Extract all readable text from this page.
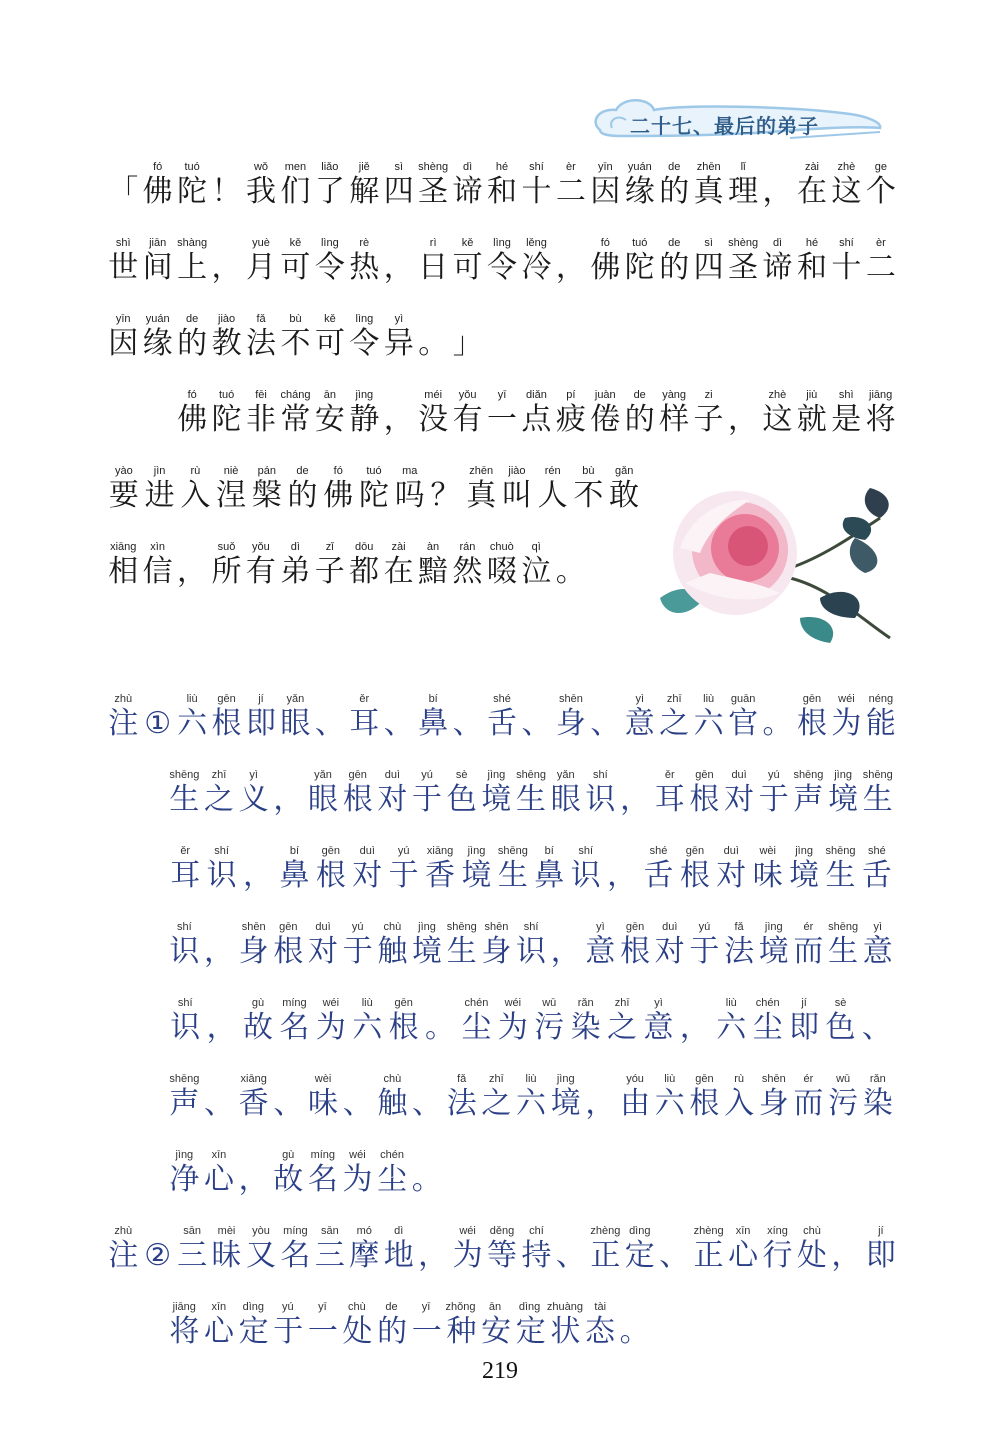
二十七、最后的弟子
fó	tuó	wǒ	men	liǎo	jiě	sì	shèng	dì	hé	shí	èr	yīn	yuán	de	zhēn	lǐ	zài	zhè	ge
「 佛 陀 ！ 我 们 了 解 四 圣 谛 和 十 二 因 缘 的 真 理 ， 在 这 个
shì	jiān shàng	yuè	kě	lìng	rè	rì	kě	lìng	lěng	fó	tuó	de	sì	shèng	dì	hé	shí	èr
世 间 上 ， 月 可 令 热 ， 日 可 令 冷 ， 佛 陀 的 四 圣 谛 和 十 二
yīn	yuán	de	jiào	fǎ	bù	kě	lìng	yì
因 缘 的 教 法 不 可 令 异 。 」
fó	tuó	fēi	cháng	ān	jìng	méi	yǒu	yī	diǎn	pí	juàn	de	yàng	zi	zhè	jiù	shì	jiāng
佛 陀 非 常 安 静 ， 没 有 一 点 疲 倦 的 样 子 ， 这 就 是 将
yào	jìn	rù	niè	pán	de	fó	tuó	ma	zhēn	jiào	rén	bù	gǎn
要 进 入 涅 槃 的 佛 陀 吗 ？ 真 叫 人 不 敢
xiāng	xìn	suǒ	yǒu	dì	zǐ	dōu	zài	àn	rán	chuò	qì
相 信 ， 所 有 弟 子 都 在 黯 然 啜 泣 。
zhù	liù	gēn	jí	yǎn	ěr	bí	shé	shēn	yì	zhī	liù	guān	gēn	wéi	néng
注 ① 六 根 即 眼 、 耳 、 鼻 、 舌 、 身 、 意 之 六 官 。 根 为 能
shēng	zhī	yì	yǎn	gēn	duì	yú	sè	jìng shēng yǎn	shí	ěr	gēn	duì	yú	shēng jìng shēng
生 之 义 ， 眼 根 对 于 色 境 生 眼 识 ， 耳 根 对 于 声 境 生
ěr	shí	bí	gēn	duì	yú	xiāng	jìng	shēng	bí	shí	shé	gēn	duì	wèi	jìng	shēng	shé
耳 识 ， 鼻 根 对 于 香 境 生 鼻 识 ， 舌 根 对 味 境 生 舌
shí	shēn	gēn	duì	yú	chù	jìng shēng shēn	shí	yì	gēn	duì	yú	fǎ	jìng	ér	shēng	yì
识 ， 身 根 对 于 触 境 生 身 识 ， 意 根 对 于 法 境 而 生 意
shí	gù	míng	wéi	liù	gēn	chén	wéi	wū	rǎn	zhī	yì	liù	chén	jí	sè
识 ， 故 名 为 六 根 。 尘 为 污 染 之 意 ， 六 尘 即 色 、
shēng	xiāng	wèi	chù	fǎ	zhī	liù	jìng	yóu	liù	gēn	rù	shēn	ér	wū	rǎn
声 、 香 、 味 、 触 、 法 之 六 境 ， 由 六 根 入 身 而 污 染
jìng	xīn	gù	míng	wéi	chén
净 心 ， 故 名 为 尘 。
zhù	sān	mèi	yòu	míng	sān	mó	dì	wéi	děng	chí	zhèng dìng	zhèng	xīn	xíng	chù	jí
注 ② 三 昧 又 名 三 摩 地 ， 为 等 持 、 正 定 、 正 心 行 处 ， 即
jiāng	xīn	dìng	yú	yī	chù	de	yī	zhǒng	ān	dìng zhuàng	tài
将 心 定 于 一 处 的 一 种 安 定 状 态 。
219
